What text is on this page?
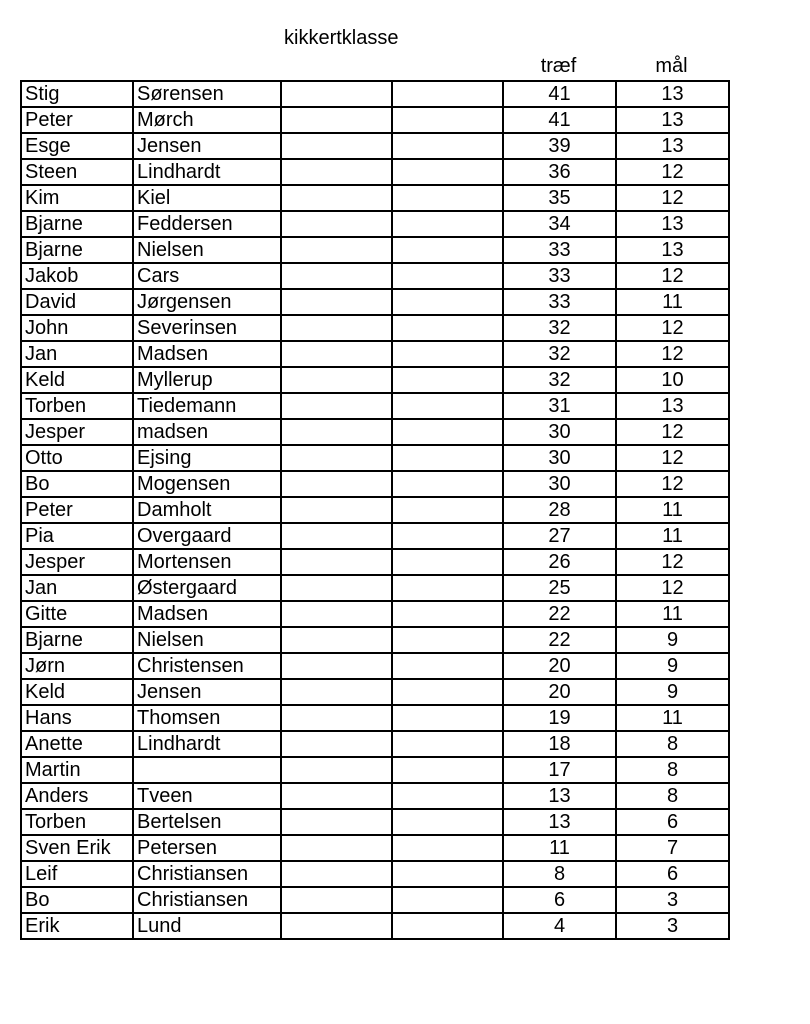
kikkertklasse
træf	mål
Stig	Sørensen			41	13
Peter	Mørch			41	13
Esge	Jensen			39	13
Steen	Lindhardt			36	12
Kim	Kiel			35	12
Bjarne	Feddersen			34	13
Bjarne	Nielsen			33	13
Jakob	Cars			33	12
David	Jørgensen			33	11
John	Severinsen			32	12
Jan	Madsen			32	12
Keld	Myllerup			32	10
Torben	Tiedemann			31	13
Jesper	madsen			30	12
Otto	Ejsing			30	12
Bo	Mogensen			30	12
Peter	Damholt			28	11
Pia	Overgaard			27	11
Jesper	Mortensen			26	12
Jan	Østergaard			25	12
Gitte	Madsen			22	11
Bjarne	Nielsen			22	9
Jørn	Christensen			20	9
Keld	Jensen			20	9
Hans	Thomsen			19	11
Anette	Lindhardt			18	8
Martin				17	8
Anders	Tveen			13	8
Torben	Bertelsen			13	6
Sven Erik	Petersen			11	7
Leif	Christiansen			8	6
Bo	Christiansen			6	3
Erik	Lund			4	3
